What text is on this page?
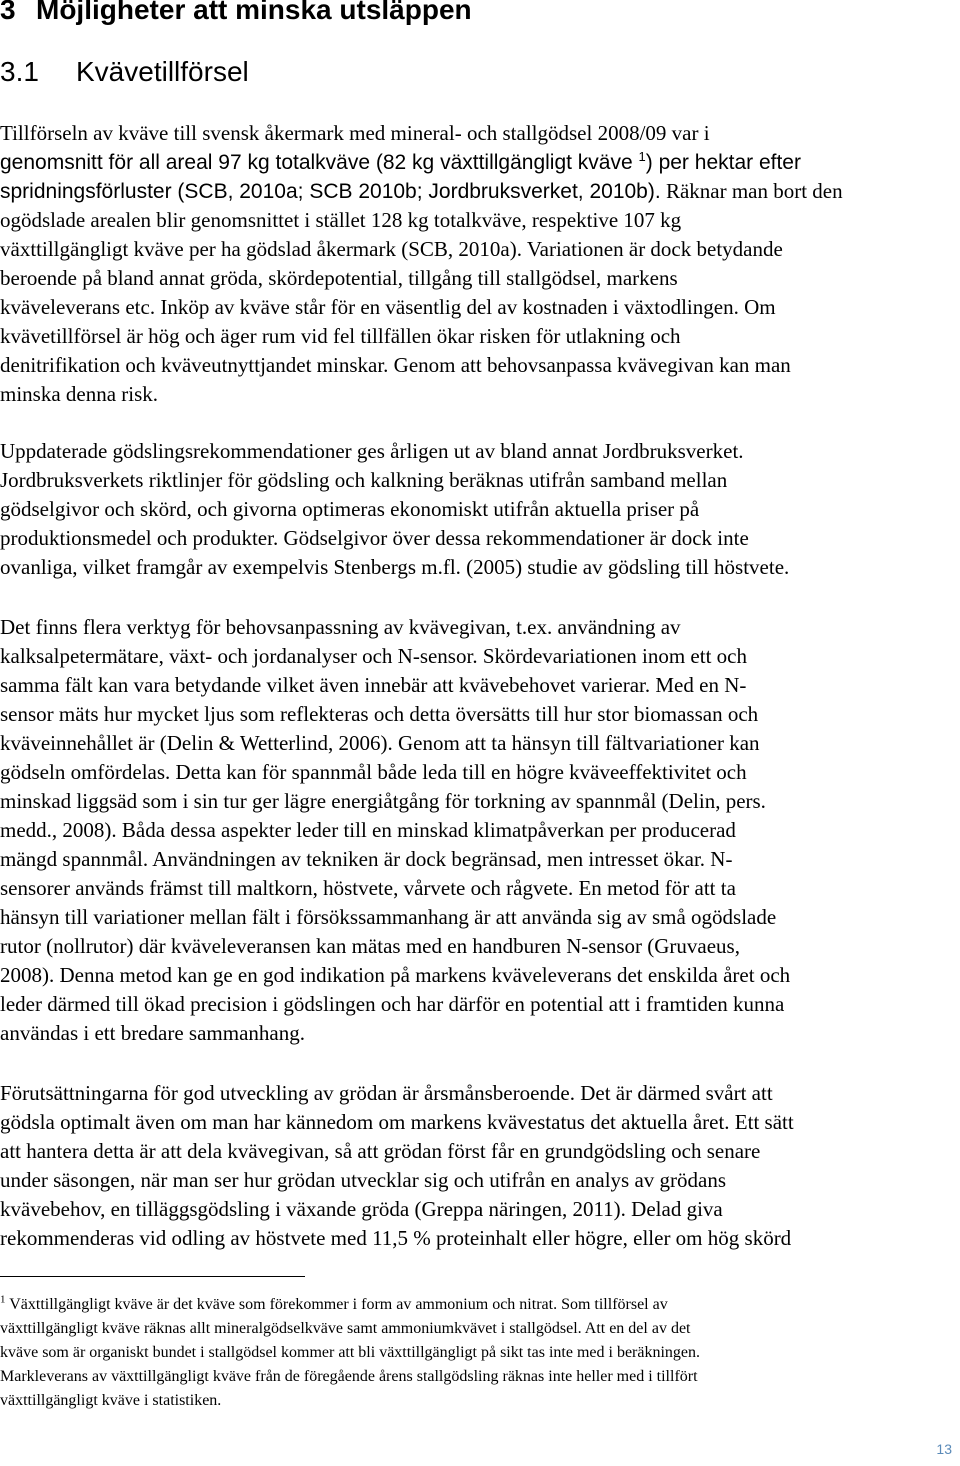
3 Möjligheter att minska utsläppen
3.1 Kvävetillförsel
Tillförseln av kväve till svensk åkermark med mineral- och stallgödsel 2008/09 var i
genomsnitt för all areal 97 kg totalkväve (82 kg växttillgängligt kväve $^1$) per hektar efter
spridningsförluster (SCB, 2010a; SCB 2010b; Jordbruksverket, 2010b). Räknar man bort den
ogödslade arealen blir genomsnittet i stället 128 kg totalkväve, respektive 107 kg
växttillgängligt kväve per ha gödslad åkermark (SCB, 2010a). Variationen är dock betydande
beroende på bland annat gröda, skördepotential, tillgång till stallgödsel, markens
kväveleverans etc. Inköp av kväve står för en väsentlig del av kostnaden i växtodlingen. Om
kvävetillförsel är hög och äger rum vid fel tillfällen ökar risken för utlakning och
denitrifikation och kväveutnyttjandet minskar. Genom att behovsanpassa kvävegivan kan man
minska denna risk.
Uppdaterade gödslingsrekommendationer ges årligen ut av bland annat Jordbruksverket.
Jordbruksverkets riktlinjer för gödsling och kalkning beräknas utifrån samband mellan
gödselgivor och skörd, och givorna optimeras ekonomiskt utifrån aktuella priser på
produktionsmedel och produkter. Gödselgivor över dessa rekommendationer är dock inte
ovanliga, vilket framgår av exempelvis Stenbergs m.fl. (2005) studie av gödsling till höstvete.
Det finns flera verktyg för behovsanpassning av kvävegivan, t.ex. användning av
kalksalpetermätare, växt- och jordanalyser och N-sensor. Skördevariationen inom ett och
samma fält kan vara betydande vilket även innebär att kvävebehovet varierar. Med en N-
sensor mäts hur mycket ljus som reflekteras och detta översätts till hur stor biomassan och
kväveinnehållet är (Delin & Wetterlind, 2006). Genom att ta hänsyn till fältvariationer kan
gödseln omfördelas. Detta kan för spannmål både leda till en högre kväveeffektivitet och
minskad liggsäd som i sin tur ger lägre energiåtgång för torkning av spannmål (Delin, pers.
medd., 2008). Båda dessa aspekter leder till en minskad klimatpåverkan per producerad
mängd spannmål. Användningen av tekniken är dock begränsad, men intresset ökar. N-
sensorer används främst till maltkorn, höstvete, vårvete och rågvete. En metod för att ta
hänsyn till variationer mellan fält i försökssammanhang är att använda sig av små ogödslade
rutor (nollrutor) där kväveleveransen kan mätas med en handburen N-sensor (Gruvaeus,
2008). Denna metod kan ge en god indikation på markens kväveleverans det enskilda året och
leder därmed till ökad precision i gödslingen och har därför en potential att i framtiden kunna
användas i ett bredare sammanhang.
Förutsättningarna för god utveckling av grödan är årsmånsberoende. Det är därmed svårt att
gödsla optimalt även om man har kännedom om markens kvävestatus det aktuella året. Ett sätt
att hantera detta är att dela kvävegivan, så att grödan först får en grundgödsling och senare
under säsongen, när man ser hur grödan utvecklar sig och utifrån en analys av grödans
kvävebehov, en tilläggsgödsling i växande gröda (Greppa näringen, 2011). Delad giva
rekommenderas vid odling av höstvete med 11,5 % proteinhalt eller högre, eller om hög skörd
$^1$ Växttillgängligt kväve är det kväve som förekommer i form av ammonium och nitrat. Som tillförsel av
växttillgängligt kväve räknas allt mineralgödselkväve samt ammoniumkvävet i stallgödsel. Att en del av det
kväve som är organiskt bundet i stallgödsel kommer att bli växttillgängligt på sikt tas inte med i beräkningen.
Markleverans av växttillgängligt kväve från de föregående årens stallgödsling räknas inte heller med i tillfört
växttillgängligt kväve i statistiken.
13
